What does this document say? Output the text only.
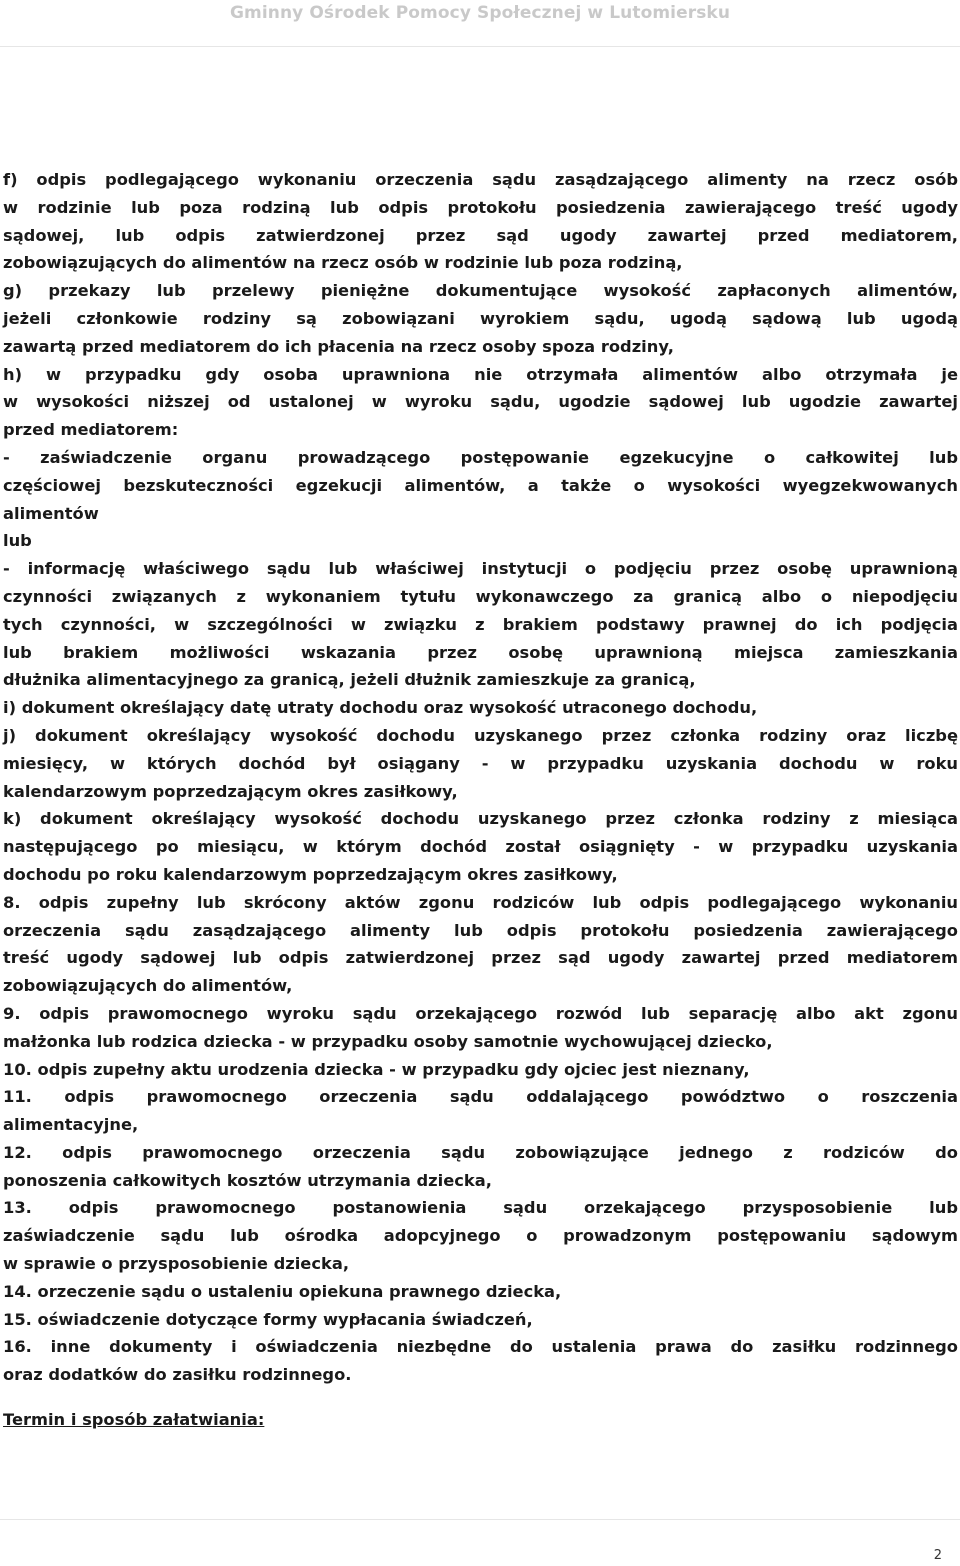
Gminny Ośrodek Pomocy Społecznej w Lutomiersku
f) odpis podlegającego wykonaniu orzeczenia sądu zasądzającego alimenty na rzecz osób
w rodzinie lub poza rodziną lub odpis protokołu posiedzenia zawierającego treść ugody
sądowej, lub odpis zatwierdzonej przez sąd ugody zawartej przed mediatorem,
zobowiązujących do alimentów na rzecz osób w rodzinie lub poza rodziną,
g) przekazy lub przelewy pieniężne dokumentujące wysokość zapłaconych alimentów,
jeżeli członkowie rodziny są zobowiązani wyrokiem sądu, ugodą sądową lub ugodą
zawartą przed mediatorem do ich płacenia na rzecz osoby spoza rodziny,
h) w przypadku gdy osoba uprawniona nie otrzymała alimentów albo otrzymała je
w wysokości niższej od ustalonej w wyroku sądu, ugodzie sądowej lub ugodzie zawartej
przed mediatorem:
- zaświadczenie organu prowadzącego postępowanie egzekucyjne o całkowitej lub
częściowej bezskuteczności egzekucji alimentów, a także o wysokości wyegzekwowanych
alimentów
lub
- informację właściwego sądu lub właściwej instytucji o podjęciu przez osobę uprawnioną
czynności związanych z wykonaniem tytułu wykonawczego za granicą albo o niepodjęciu
tych czynności, w szczególności w związku z brakiem podstawy prawnej do ich podjęcia
lub brakiem możliwości wskazania przez osobę uprawnioną miejsca zamieszkania
dłużnika alimentacyjnego za granicą, jeżeli dłużnik zamieszkuje za granicą,
i) dokument określający datę utraty dochodu oraz wysokość utraconego dochodu,
j) dokument określający wysokość dochodu uzyskanego przez członka rodziny oraz liczbę
miesięcy, w których dochód był osiągany - w przypadku uzyskania dochodu w roku
kalendarzowym poprzedzającym okres zasiłkowy,
k) dokument określający wysokość dochodu uzyskanego przez członka rodziny z miesiąca
następującego po miesiącu, w którym dochód został osiągnięty - w przypadku uzyskania
dochodu po roku kalendarzowym poprzedzającym okres zasiłkowy,
8. odpis zupełny lub skrócony aktów zgonu rodziców lub odpis podlegającego wykonaniu
orzeczenia sądu zasądzającego alimenty lub odpis protokołu posiedzenia zawierającego
treść ugody sądowej lub odpis zatwierdzonej przez sąd ugody zawartej przed mediatorem
zobowiązujących do alimentów,
9. odpis prawomocnego wyroku sądu orzekającego rozwód lub separację albo akt zgonu
małżonka lub rodzica dziecka - w przypadku osoby samotnie wychowującej dziecko,
10. odpis zupełny aktu urodzenia dziecka - w przypadku gdy ojciec jest nieznany,
11. odpis prawomocnego orzeczenia sądu oddalającego powództwo o roszczenia
alimentacyjne,
12. odpis prawomocnego orzeczenia sądu zobowiązujące jednego z rodziców do
ponoszenia całkowitych kosztów utrzymania dziecka,
13. odpis prawomocnego postanowienia sądu orzekającego przysposobienie lub
zaświadczenie sądu lub ośrodka adopcyjnego o prowadzonym postępowaniu sądowym
w sprawie o przysposobienie dziecka,
14. orzeczenie sądu o ustaleniu opiekuna prawnego dziecka,
15. oświadczenie dotyczące formy wypłacania świadczeń,
16. inne dokumenty i oświadczenia niezbędne do ustalenia prawa do zasiłku rodzinnego
oraz dodatków do zasiłku rodzinnego.
Termin i sposób załatwiania:
2
